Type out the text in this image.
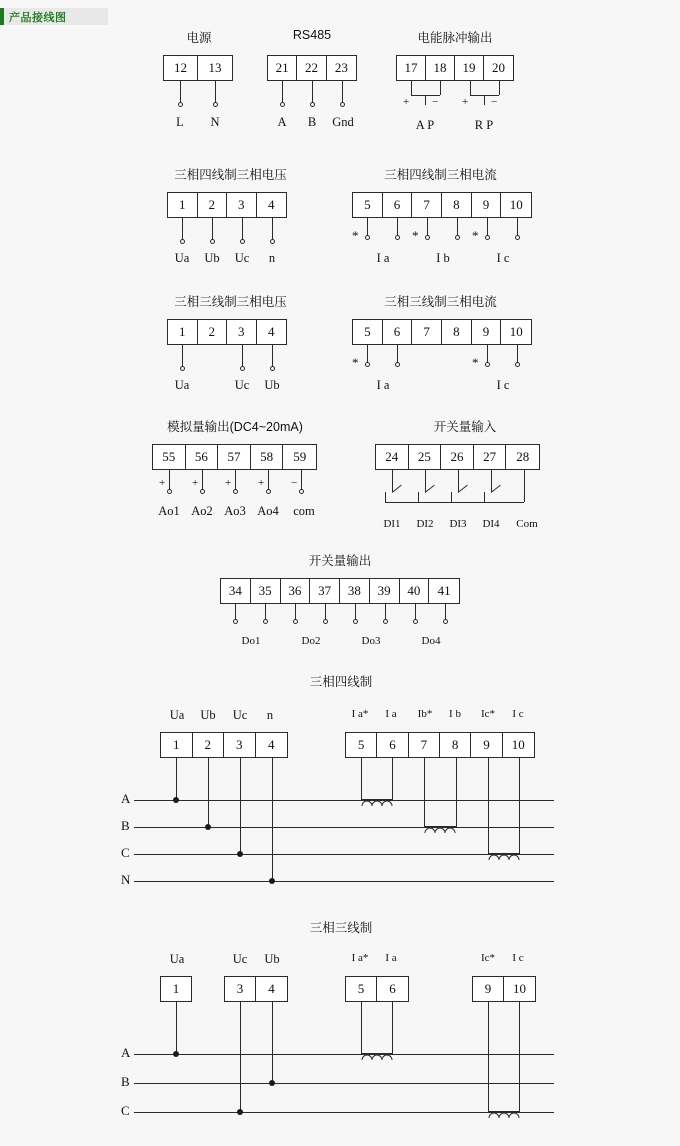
产品接线图
电源
12	13
L	N
RS485
21	22	23
A	B	Gnd
电能脉冲输出
17	18	19	20
+ − + −
A P	R P
三相四线制三相电压
1	2	3	4
Ua	Ub	Uc	n
三相四线制三相电流
5	6	7	8	9	10
*	*	*
I a	I b	I c
三相三线制三相电压
1	2	3	4
Ua	Uc	Ub
三相三线制三相电流
5	6	7	8	9	10
*	*
I a	I c
模拟量输出(DC4~20mA)
55	56	57	58	59
+ + + + −
Ao1 Ao2 Ao3 Ao4	com
开关量输入
24	25	26	27	28
DI1	DI2	DI3	DI4	Com
开关量输出
34	35	36	37	38	39	40	41
Do1	Do2	Do3	Do4
三相四线制
Ua	Ub	Uc	n
1	2	3	4
I a*	I a	Ib*	I b	Ic*	I c
5	6	7	8	9	10
A
B
C
N
三相三线制
Ua	Uc	Ub
1	3	4
I a*	I a	Ic*	I c
5	6	9	10
A
B
C
